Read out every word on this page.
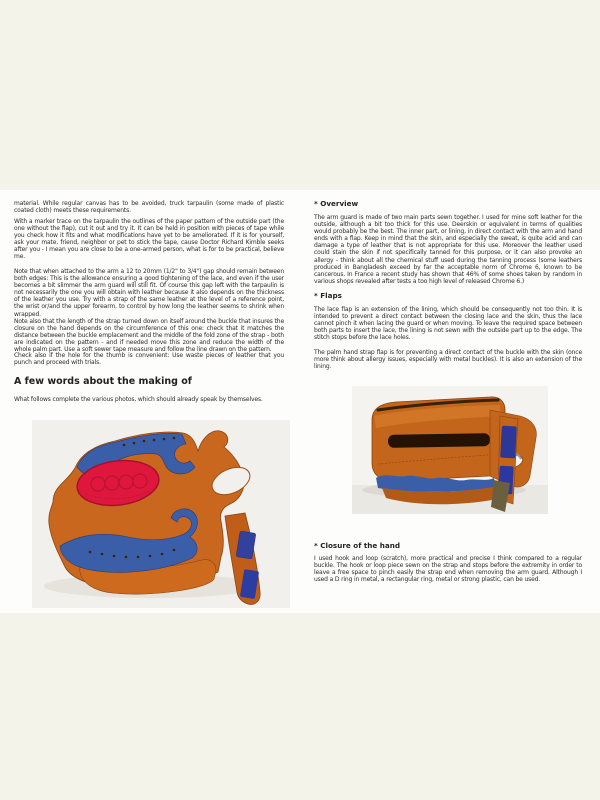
material. While regular canvas has to be avoided, truck tarpaulin (some made of plastic coated cloth) meets these requirements.

With a marker trace on the tarpaulin the outlines of the paper pattern of the outside part (the one without the flap), cut it out and try it. It can be held in position with pieces of tape while you check how it fits and what modifications have yet to be ameliorated. If it is for yourself, ask your mate, friend, neighbor or pet to stick the tape, cause Doctor Richard Kimble seeks after you - I mean you are close to be a one-armed person, what is for to be practical, believe me.

Note that when attached to the arm a 12 to 20mm (1/2" to 3/4") gap should remain between both edges: This is the allowance ensuring a good tightening of the lace, and even if the user becomes a bit slimmer the arm guard will still fit. Of course this gap left with the tarpaulin is not necessarily the one you will obtain with leather because it also depends on the thickness of the leather you use. Try with a strap of the same leather at the level of a reference point, the wrist or/and the upper forearm, to control by how long the leather seems to shrink when wrapped.

Note also that the length of the strap turned down on itself around the buckle that insures the closure on the hand depends on the circumference of this one: check that it matches the distance between the buckle emplacement and the middle of the fold zone of the strap - both are indicated on the pattern - and if needed move this zone and reduce the width of the whole palm part. Use a soft sewer tape measure and follow the line drawn on the pattern.

Check also if the hole for the thumb is convenient: Use waste pieces of leather that you punch and proceed with trials.

A few words about the making of

What follows complete the various photos, which should already speak by themselves.

* Overview

The arm guard is made of two main parts sewn together. I used for mine soft leather for the outside, although a bit too thick for this use. Deerskin or equivalent in terms of qualities would probably be the best. The inner part, or lining, in direct contact with the arm and hand ends with a flap. Keep in mind that the skin, and especially the sweat, is quite acid and can damage a type of leather that is not appropriate for this use. Moreover the leather used could stain the skin if not specifically tanned for this purpose, or it can also provoke an allergy - think about all the chemical stuff used during the tanning process (some leathers produced in Bangladesh exceed by far the acceptable norm of Chrome 6, known to be cancerous. In France a recent study has shown that 46% of some shoes taken by random in various shops revealed after tests a too high level of released Chrome 6.)

* Flaps

The lace flap is an extension of the lining, which should be consequently not too thin. It is intended to prevent a direct contact between the closing lace and the skin, thus the lace cannot pinch it when lacing the guard or when moving. To leave the required space between both parts to insert the lace, the lining is not sewn with the outside part up to the edge. The stitch stops before the lace holes.

The palm hand strap flap is for preventing a direct contact of the buckle with the skin (once more think about allergy issues, especially with metal buckles). It is also an extension of the lining.

* Closure of the hand

I used hook and loop (scratch), more practical and precise I think compared to a regular buckle. The hook or loop piece sewn on the strap and stops before the extremity in order to leave a free space to pinch easily the strap end when removing the arm guard. Although I used a D ring in metal, a rectangular ring, metal or strong plastic, can be used.
